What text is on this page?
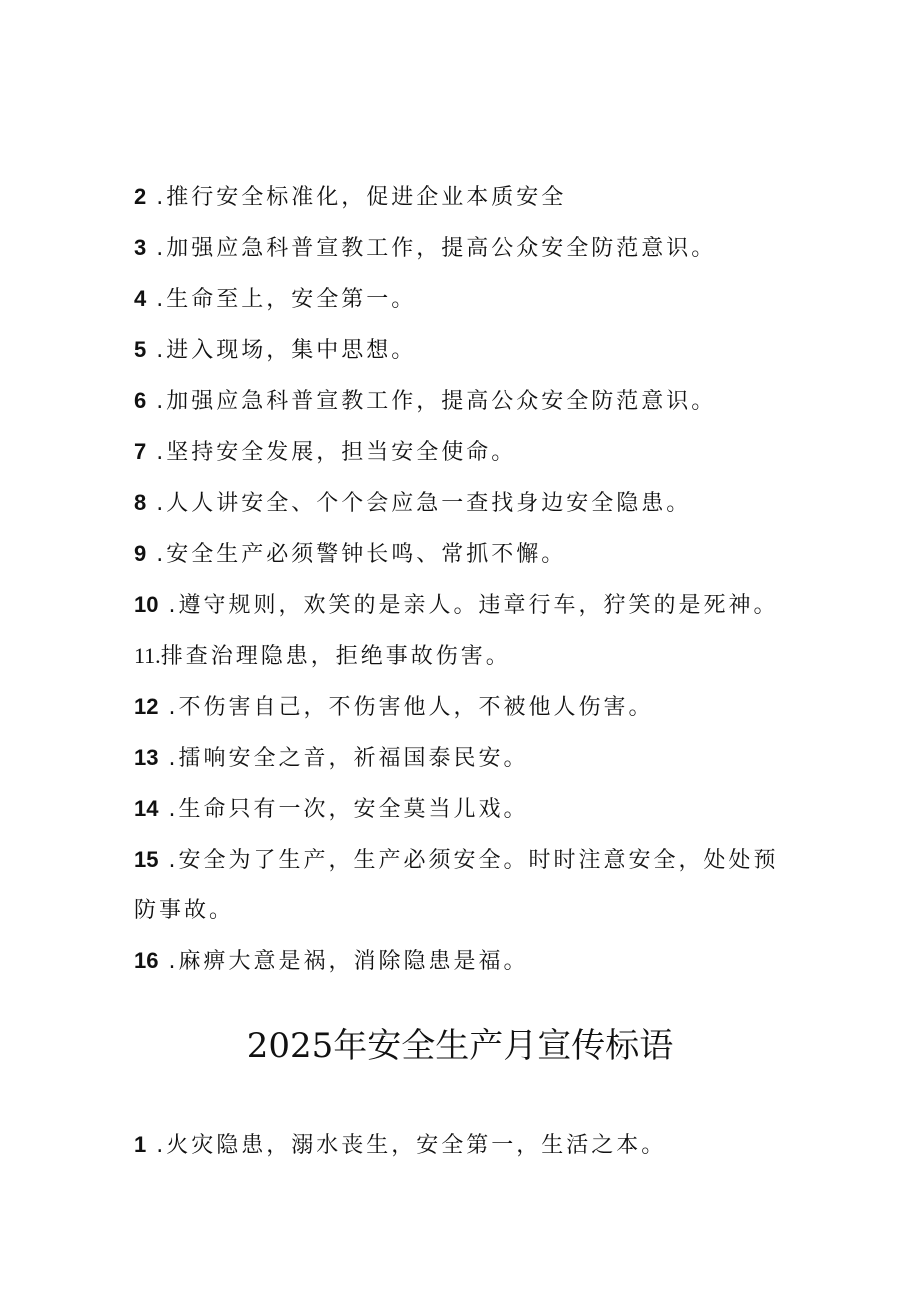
2 .推行安全标准化，促进企业本质安全
3 .加强应急科普宣教工作，提高公众安全防范意识。
4 .生命至上，安全第一。
5 .进入现场，集中思想。
6 .加强应急科普宣教工作，提高公众安全防范意识。
7 .坚持安全发展，担当安全使命。
8 .人人讲安全、个个会应急一查找身边安全隐患。
9 .安全生产必须警钟长鸣、常抓不懈。
10 .遵守规则，欢笑的是亲人。违章行车，狞笑的是死神。
11.排查治理隐患，拒绝事故伤害。
12 .不伤害自己，不伤害他人，不被他人伤害。
13 .擂响安全之音，祈福国泰民安。
14 .生命只有一次，安全莫当儿戏。
15 .安全为了生产，生产必须安全。时时注意安全，处处预防事故。
16 .麻痹大意是祸，消除隐患是福。
2025年安全生产月宣传标语
1 .火灾隐患，溺水丧生，安全第一，生活之本。
